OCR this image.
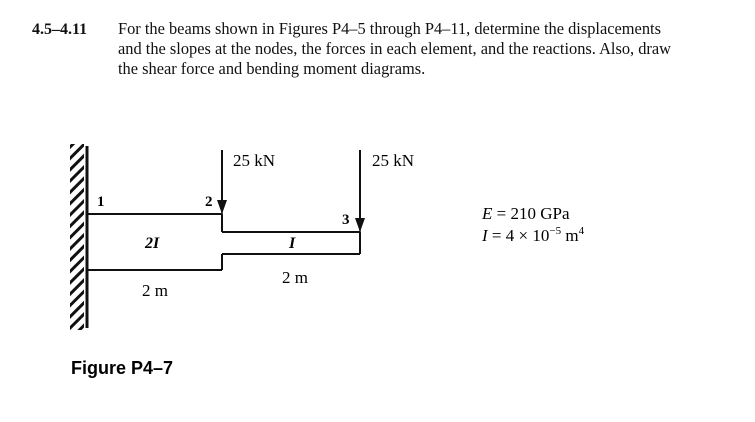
4.5–4.11 For the beams shown in Figures P4–5 through P4–11, determine the displacements
and the slopes at the nodes, the forces in each element, and the reactions. Also, draw
the shear force and bending moment diagrams.
25 kN	25 kN
1	2
3
2I	I
2 m
2 m
E = 210 GPa
$I = 4 \times 10^{-5}$ $m^4$
Figure P4–7
